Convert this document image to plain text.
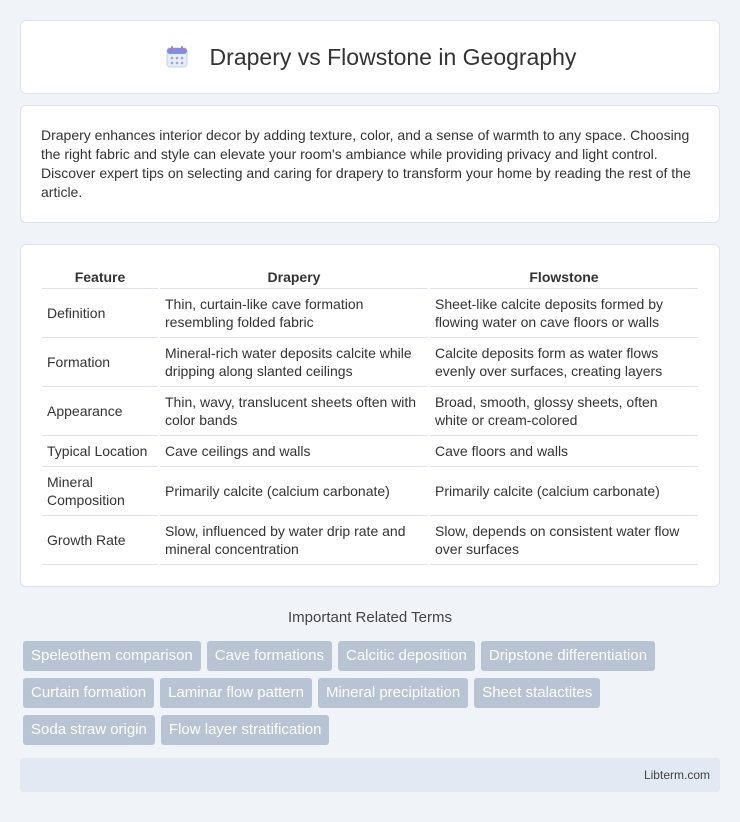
Drapery vs Flowstone in Geography

Drapery enhances interior decor by adding texture, color, and a sense of warmth to any space. Choosing the right fabric and style can elevate your room's ambiance while providing privacy and light control. Discover expert tips on selecting and caring for drapery to transform your home by reading the rest of the article.

Feature	Drapery	Flowstone
Definition	Thin, curtain-like cave formation resembling folded fabric	Sheet-like calcite deposits formed by flowing water on cave floors or walls
Formation	Mineral-rich water deposits calcite while dripping along slanted ceilings	Calcite deposits form as water flows evenly over surfaces, creating layers
Appearance	Thin, wavy, translucent sheets often with color bands	Broad, smooth, glossy sheets, often white or cream-colored
Typical Location	Cave ceilings and walls	Cave floors and walls
Mineral Composition	Primarily calcite (calcium carbonate)	Primarily calcite (calcium carbonate)
Growth Rate	Slow, influenced by water drip rate and mineral concentration	Slow, depends on consistent water flow over surfaces
Important Related Terms
Speleothem comparison	Cave formations	Calcitic deposition	Dripstone differentiation
Curtain formation	Laminar flow pattern	Mineral precipitation	Sheet stalactites
Soda straw origin	Flow layer stratification
Libterm.com
